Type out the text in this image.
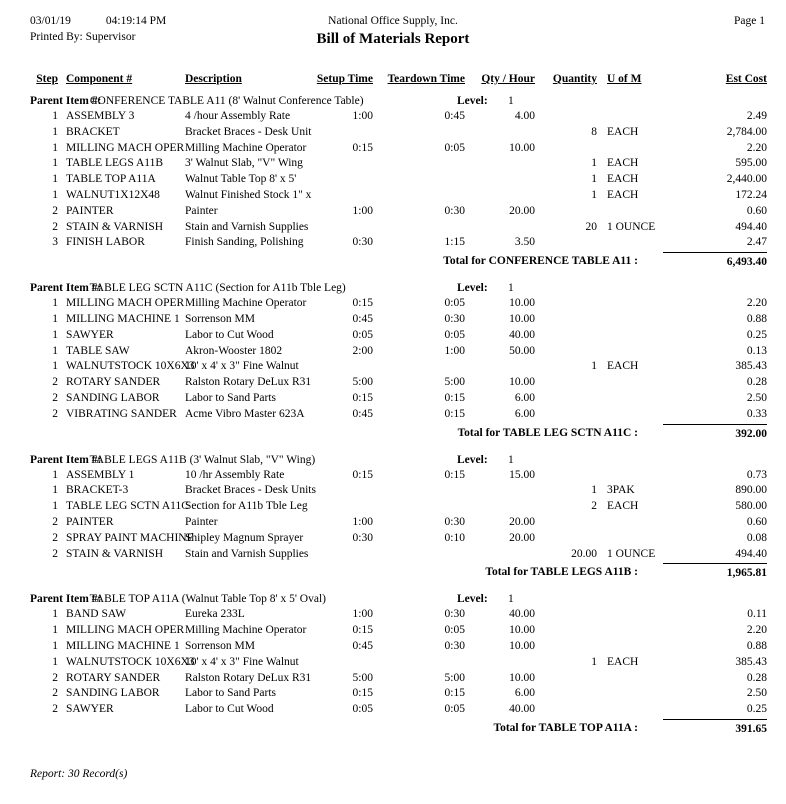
03/01/19	04:19:14 PM
Printed By: Supervisor
National Office Supply, Inc.
Bill of Materials Report
Page 1
Step Component #	Description	Setup Time	Teardown Time	Qty / Hour	Quantity U of M	Est Cost
Parent Item #: CONFERENCE TABLE A11 (8' Walnut Conference Table)	Level: 1
1 ASSEMBLY 3	4 /hour Assembly Rate	1:00	0:45	4.00	2.49
1 BRACKET	Bracket Braces - Desk Unit	8 EACH	2,784.00
1 MILLING MACH OPER Milling Machine Operator	0:15	0:05	10.00	2.20
1 TABLE LEGS A11B	3' Walnut Slab, "V" Wing	1 EACH	595.00
1 TABLE TOP A11A	Walnut Table Top 8' x 5'	1 EACH	2,440.00
1 WALNUT1X12X48	Walnut Finished Stock 1" x	1 EACH	172.24
2 PAINTER	Painter	1:00	0:30	20.00	0.60
2 STAIN & VARNISH	Stain and Varnish Supplies	20 1 OUNCE	494.40
3 FINISH LABOR	Finish Sanding, Polishing	0:30	1:15	3.50	2.47
Total for CONFERENCE TABLE A11 :	6,493.40
Parent Item #: TABLE LEG SCTN A11C (Section for A11b Tble Leg)	Level: 1
1 MILLING MACH OPER Milling Machine Operator	0:15	0:05	10.00	2.20
1 MILLING MACHINE 1 Sorrenson MM	0:45	0:30	10.00	0.88
1 SAWYER	Labor to Cut Wood	0:05	0:05	40.00	0.25
1 TABLE SAW	Akron-Wooster 1802	2:00	1:00	50.00	0.13
1 WALNUTSTOCK 10X6X3
10' x 4' x 3" Fine Walnut	1 EACH	385.43
2 ROTARY SANDER	Ralston Rotary DeLux R31	5:00	5:00	10.00	0.28
2 SANDING LABOR	Labor to Sand Parts	0:15	0:15	6.00	2.50
2 VIBRATING SANDER Acme Vibro Master 623A	0:45	0:15	6.00	0.33
Total for TABLE LEG SCTN A11C :	392.00
Parent Item #: TABLE LEGS A11B (3' Walnut Slab, "V" Wing)	Level: 1
1 ASSEMBLY 1	10 /hr Assembly Rate	0:15	0:15	15.00	0.73
1 BRACKET-3	Bracket Braces - Desk Units	1 3PAK	890.00
1 TABLE LEG SCTN A11C
Section for A11b Tble Leg	2 EACH	580.00
2 PAINTER	Painter	1:00	0:30	20.00	0.60
2 SPRAY PAINT MACHINE
Shipley Magnum Sprayer	0:30	0:10	20.00	0.08
2 STAIN & VARNISH	Stain and Varnish Supplies	20.00 1 OUNCE	494.40
Total for TABLE LEGS A11B :	1,965.81
Parent Item #: TABLE TOP A11A (Walnut Table Top 8' x 5' Oval)	Level: 1
1 BAND SAW	Eureka 233L	1:00	0:30	40.00	0.11
1 MILLING MACH OPER Milling Machine Operator	0:15	0:05	10.00	2.20
1 MILLING MACHINE 1 Sorrenson MM	0:45	0:30	10.00	0.88
1 WALNUTSTOCK 10X6X3
10' x 4' x 3" Fine Walnut	1 EACH	385.43
2 ROTARY SANDER	Ralston Rotary DeLux R31	5:00	5:00	10.00	0.28
2 SANDING LABOR	Labor to Sand Parts	0:15	0:15	6.00	2.50
2 SAWYER	Labor to Cut Wood	0:05	0:05	40.00	0.25
Total for TABLE TOP A11A :	391.65
Report: 30 Record(s)
